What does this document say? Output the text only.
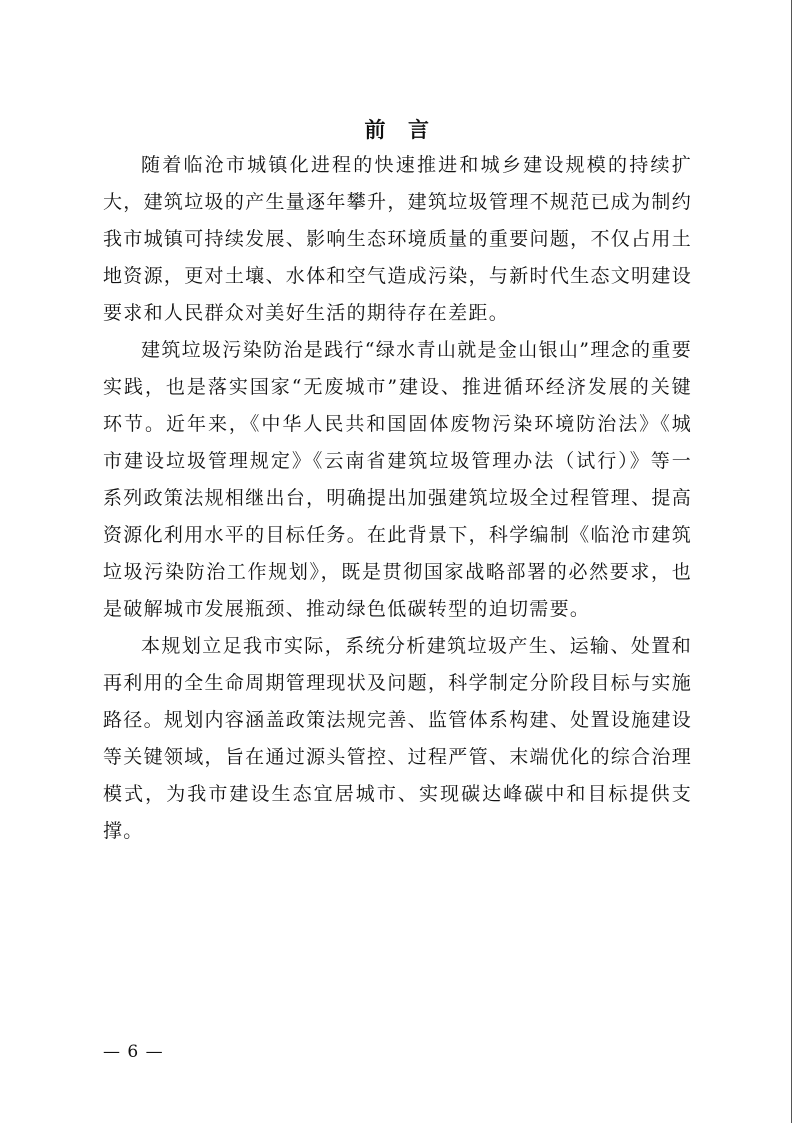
前 言

随着临沧市城镇化进程的快速推进和城乡建设规模的持续扩大，建筑垃圾的产生量逐年攀升，建筑垃圾管理不规范已成为制约我市城镇可持续发展、影响生态环境质量的重要问题，不仅占用土地资源，更对土壤、水体和空气造成污染，与新时代生态文明建设要求和人民群众对美好生活的期待存在差距。

建筑垃圾污染防治是践行“绿水青山就是金山银山”理念的重要实践，也是落实国家“无废城市”建设、推进循环经济发展的关键环节。近年来，《中华人民共和国固体废物污染环境防治法》《城市建设垃圾管理规定》《云南省建筑垃圾管理办法（试行）》等一系列政策法规相继出台，明确提出加强建筑垃圾全过程管理、提高资源化利用水平的目标任务。在此背景下，科学编制《临沧市建筑垃圾污染防治工作规划》，既是贯彻国家战略部署的必然要求，也是破解城市发展瓶颈、推动绿色低碳转型的迫切需要。

本规划立足我市实际，系统分析建筑垃圾产生、运输、处置和再利用的全生命周期管理现状及问题，科学制定分阶段目标与实施路径。规划内容涵盖政策法规完善、监管体系构建、处置设施建设等关键领域，旨在通过源头管控、过程严管、末端优化的综合治理模式，为我市建设生态宜居城市、实现碳达峰碳中和目标提供支撑。

— 6 —
